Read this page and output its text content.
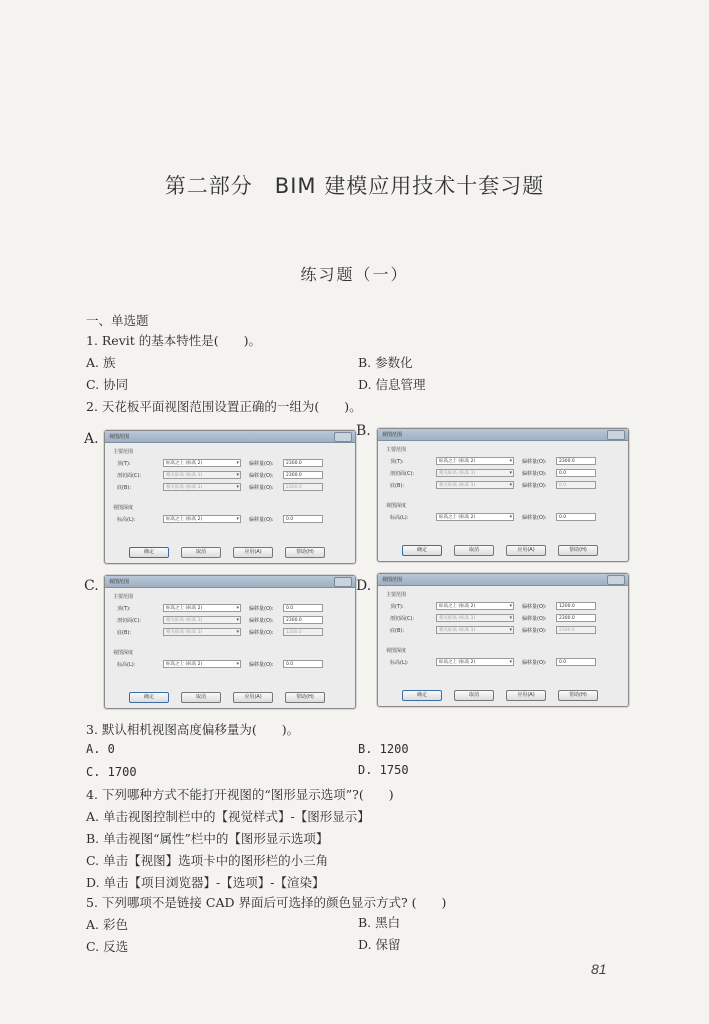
第二部分　BIM 建模应用技术十套习题
练习题（一）
一、单选题
1. Revit 的基本特性是(　　)。
A. 族	B. 参数化
C. 协同	D. 信息管理
2. 天花板平面视图范围设置正确的一组为(　　)。
A.	B.
C.	D.
视图范围
主要范围
视图深度
顶(T):	标高之上 (标高 2) ▾	偏移量(O):	2300.0
剖切面(C):	相关标高 (标高 1) ▾	偏移量(O):	2300.0
底(B):	相关标高 (标高 1) ▾	偏移量(O):	2300.0
标高(L):	标高之上 (标高 2) ▾	偏移量(O):	0.0
确定	取消	应用(A)	帮助(H)
视图范围
主要范围
视图深度
顶(T):	标高之上 (标高 2) ▾	偏移量(O):	2300.0
剖切面(C):	相关标高 (标高 1) ▾	偏移量(O):	0.0
底(B):	相关标高 (标高 1) ▾	偏移量(O):	0.0
标高(L):	标高之上 (标高 2) ▾	偏移量(O):	0.0
确定	取消	应用(A)	帮助(H)
视图范围
主要范围
视图深度
顶(T):	标高之上 (标高 2) ▾	偏移量(O):	0.0
剖切面(C):	相关标高 (标高 1) ▾	偏移量(O):	2300.0
底(B):	相关标高 (标高 1) ▾	偏移量(O):	1200.0
标高(L):	标高之上 (标高 2) ▾	偏移量(O):	0.0
确定	取消	应用(A)	帮助(H)
视图范围
主要范围
视图深度
顶(T):	标高之上 (标高 2) ▾	偏移量(O):	1200.0
剖切面(C):	相关标高 (标高 1) ▾	偏移量(O):	2300.0
底(B):	相关标高 (标高 1) ▾	偏移量(O):	2300.0
标高(L):	标高之上 (标高 2) ▾	偏移量(O):	0.0
确定	取消	应用(A)	帮助(H)
3. 默认相机视图高度偏移量为(　　)。
A. 0	B. 1200
C. 1700	D. 1750
4. 下列哪种方式不能打开视图的“图形显示选项”?(　　)
A. 单击视图控制栏中的【视觉样式】-【图形显示】
B. 单击视图“属性”栏中的【图形显示选项】
C. 单击【视图】选项卡中的图形栏的小三角
D. 单击【项目浏览器】-【选项】-【渲染】
5. 下列哪项不是链接 CAD 界面后可选择的颜色显示方式? (　　)
A. 彩色	B. 黑白
C. 反选	D. 保留
81
